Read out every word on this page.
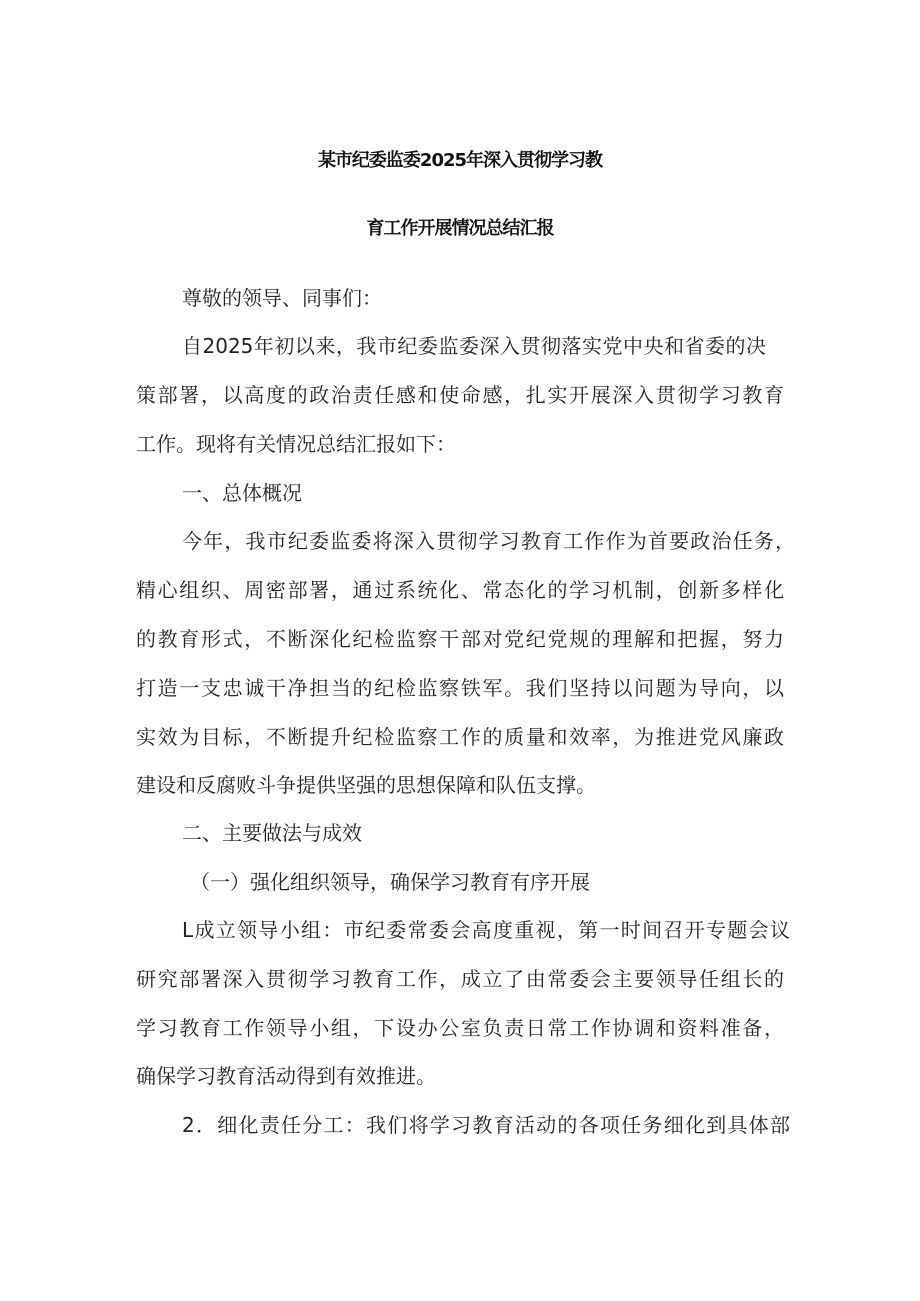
某市纪委监委2025年深入贯彻学习教
育工作开展情况总结汇报
尊敬的领导、同事们：
自2025年初以来，我市纪委监委深入贯彻落实党中央和省委的决
策部署，以高度的政治责任感和使命感，扎实开展深入贯彻学习教育
工作。现将有关情况总结汇报如下：
一、总体概况
今年，我市纪委监委将深入贯彻学习教育工作作为首要政治任务，
精心组织、周密部署，通过系统化、常态化的学习机制，创新多样化
的教育形式，不断深化纪检监察干部对党纪党规的理解和把握，努力
打造一支忠诚干净担当的纪检监察铁军。我们坚持以问题为导向，以
实效为目标，不断提升纪检监察工作的质量和效率，为推进党风廉政
建设和反腐败斗争提供坚强的思想保障和队伍支撑。
二、主要做法与成效
（一）强化组织领导，确保学习教育有序开展
L成立领导小组：市纪委常委会高度重视，第一时间召开专题会议
研究部署深入贯彻学习教育工作，成立了由常委会主要领导任组长的
学习教育工作领导小组，下设办公室负责日常工作协调和资料准备，
确保学习教育活动得到有效推进。
2．细化责任分工：我们将学习教育活动的各项任务细化到具体部
